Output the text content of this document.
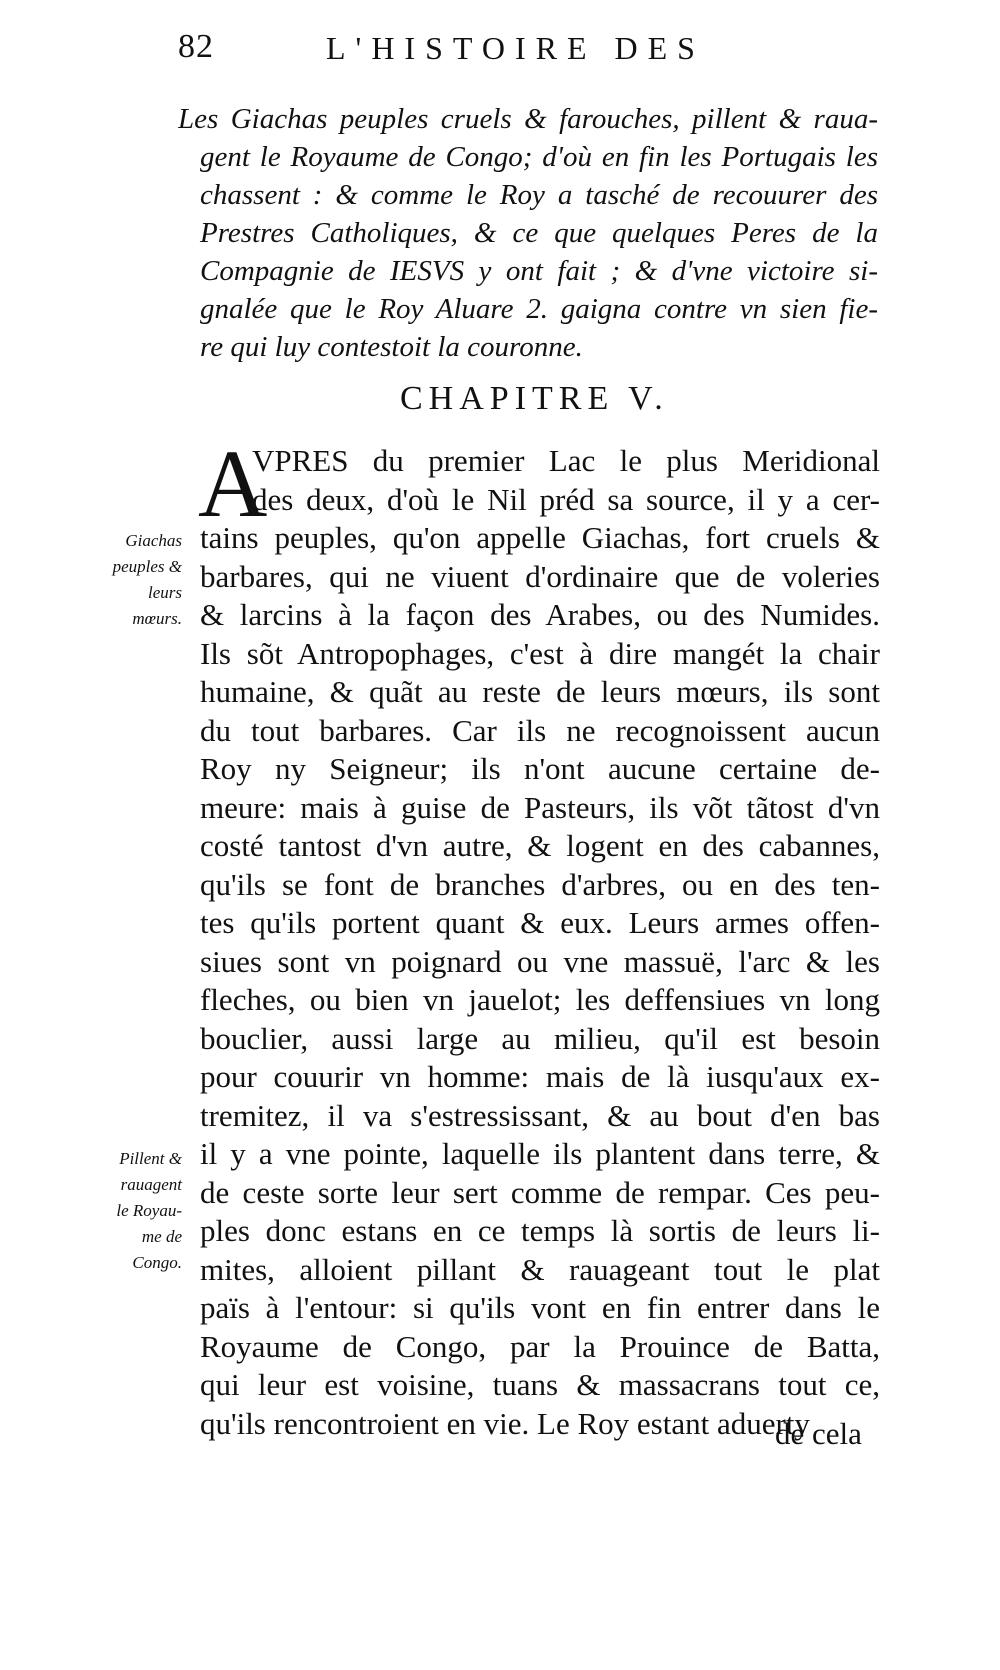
82	L'HISTOIRE DES
Les Giachas peuples cruels & farouches, pillent & raua-
gent le Royaume de Congo; d'où en fin les Portugais les
chassent : & comme le Roy a tasché de recouurer des
Prestres Catholiques, & ce que quelques Peres de la
Compagnie de IESVS y ont fait ; & d'vne victoire si-
gnalée que le Roy Aluare 2. gaigna contre vn sien fie-
re qui luy contestoit la couronne.
CHAPITRE V.
A
VPRES du premier Lac le plus Meridional
des deux, d'où le Nil préd sa source, il y a cer-
tains peuples, qu'on appelle Giachas, fort cruels &
barbares, qui ne viuent d'ordinaire que de voleries
& larcins à la façon des Arabes, ou des Numides.
Ils sõt Antropophages, c'est à dire mangét la chair
humaine, & quãt au reste de leurs mœurs, ils sont
du tout barbares. Car ils ne recognoissent aucun
Roy ny Seigneur; ils n'ont aucune certaine de-
meure: mais à guise de Pasteurs, ils võt tãtost d'vn
costé tantost d'vn autre, & logent en des cabannes,
qu'ils se font de branches d'arbres, ou en des ten-
tes qu'ils portent quant & eux. Leurs armes offen-
siues sont vn poignard ou vne massuë, l'arc & les
fleches, ou bien vn jauelot; les deffensiues vn long
bouclier, aussi large au milieu, qu'il est besoin
pour couurir vn homme: mais de là iusqu'aux ex-
tremitez, il va s'estressissant, & au bout d'en bas
il y a vne pointe, laquelle ils plantent dans terre, &
de ceste sorte leur sert comme de rempar. Ces peu-
ples donc estans en ce temps là sortis de leurs li-
mites, alloient pillant & rauageant tout le plat
païs à l'entour: si qu'ils vont en fin entrer dans le
Royaume de Congo, par la Prouince de Batta,
qui leur est voisine, tuans & massacrans tout ce,
qu'ils rencontroient en vie. Le Roy estant aduerty
de cela
Giachas
peuples &
leurs
mœurs.
Pillent &
rauagent
le Royau-
me de
Congo.
